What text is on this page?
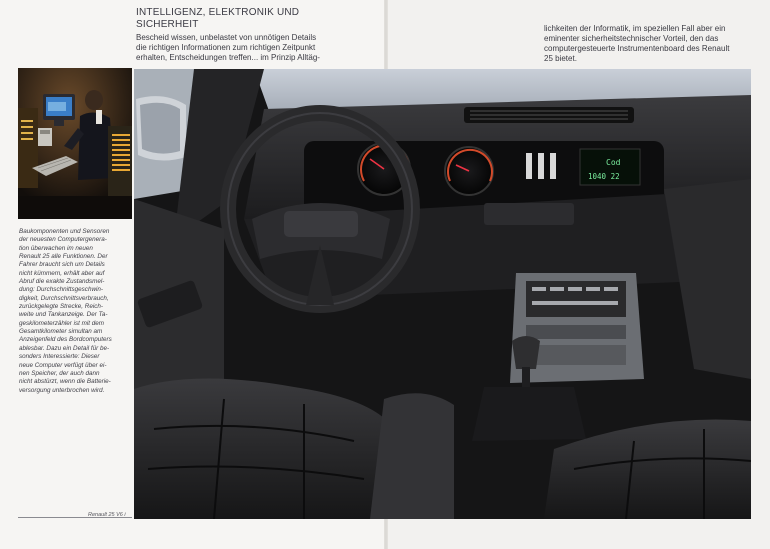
INTELLIGENZ, ELEKTRONIK UND
SICHERHEIT
Bescheid wissen, unbelastet von unnötigen Details
die richtigen Informationen zum richtigen Zeitpunkt
erhalten, Entscheidungen treffen... im Prinzip Alltäg-
lichkeiten der Informatik, im speziellen Fall aber ein
eminenter sicherheitstechnischer Vorteil, den das
computergesteuerte Instrumentenboard des Renault
25 bietet.
Baukomponenten und Sensoren
der neuesten Computergenera-
tion überwachen im neuen
Renault 25 alle Funktionen. Der
Fahrer braucht sich um Details
nicht kümmern, erhält aber auf
Abruf die exakte Zustandsmel-
dung: Durchschnittsgeschwin-
digkeit, Durchschnittsverbrauch,
zurückgelegte Strecke, Reich-
weite und Tankanzeige. Der Ta-
geskilometerzähler ist mit dem
Gesamtkilometer simultan am
Anzeigenfeld des Bordcomputers
ablesbar. Dazu ein Detail für be-
sonders Interessierte: Dieser
neue Computer verfügt über ei-
nen Speicher, der auch dann
nicht abstürzt, wenn die Batterie-
versorgung unterbrochen wird.
Renault 25 V6 i
Cod
1040 22
